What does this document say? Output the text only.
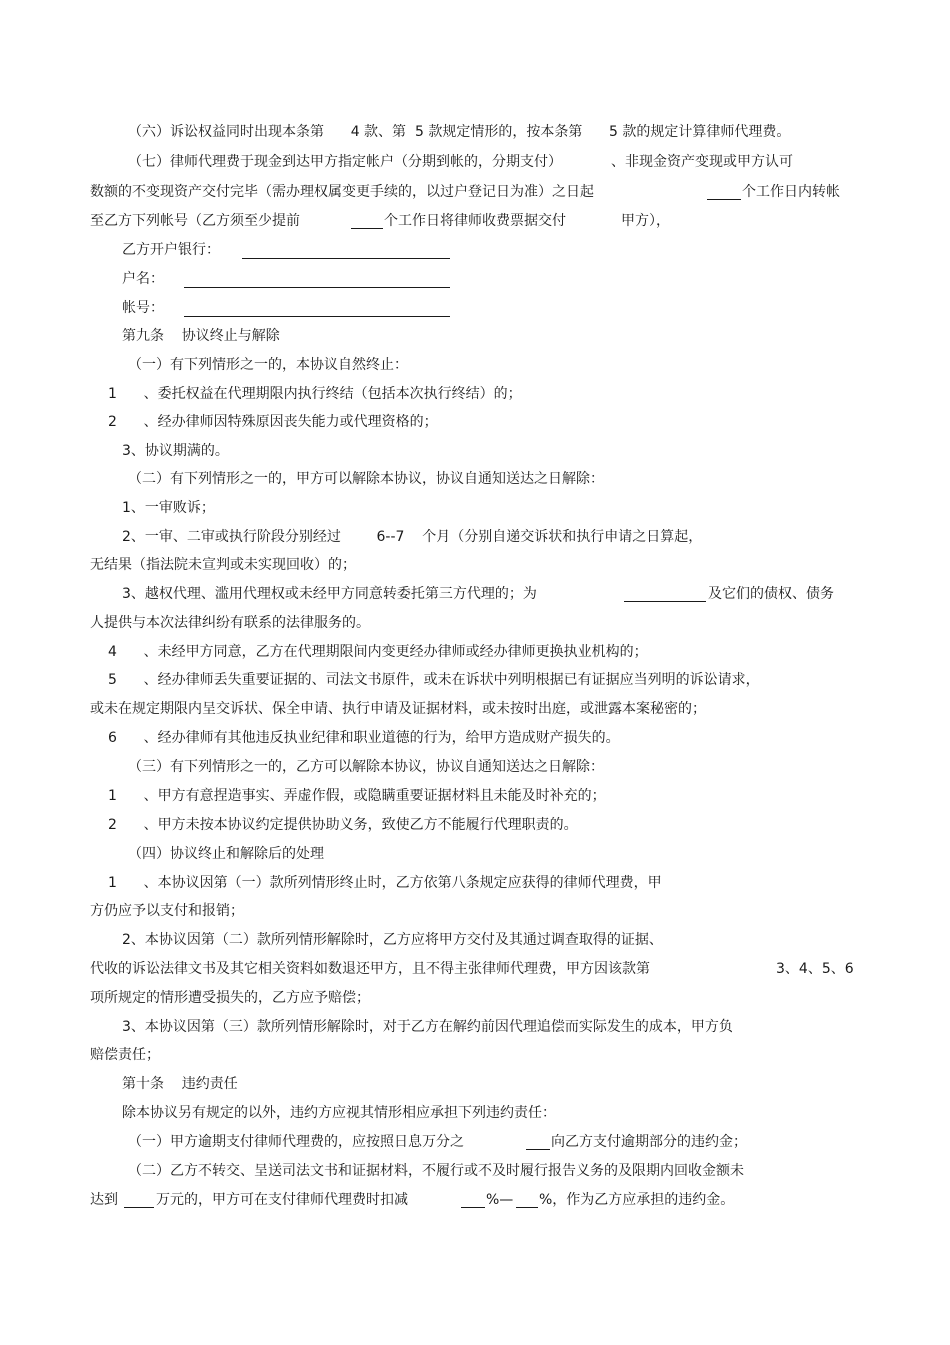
（六）诉讼权益同时出现本条第      4 款、第  5 款规定情形的，按本条第      5 款的规定计算律师代理费。
（七）律师代理费于现金到达甲方指定帐户（分期到帐的，分期支付）           、非现金资产变现或甲方认可
数额的不变现资产交付完毕（需办理权属变更手续的，以过户登记日为准）之日起	个工作日内转帐
至乙方下列帐号（乙方须至少提前	个工作日将律师收费票据交付	甲方），
乙方开户银行：
户名：
帐号：
第九条    协议终止与解除
（一）有下列情形之一的，本协议自然终止：
1      、委托权益在代理期限内执行终结（包括本次执行终结）的；
2      、经办律师因特殊原因丧失能力或代理资格的；
3、协议期满的。
（二）有下列情形之一的，甲方可以解除本协议，协议自通知送达之日解除：
1、一审败诉；
2、一审、二审或执行阶段分别经过        6--7    个月（分别自递交诉状和执行申请之日算起，
无结果（指法院未宣判或未实现回收）的；
3、越权代理、滥用代理权或未经甲方同意转委托第三方代理的；为	及它们的债权、债务
人提供与本次法律纠纷有联系的法律服务的。
4      、未经甲方同意，乙方在代理期限间内变更经办律师或经办律师更换执业机构的；
5      、经办律师丢失重要证据的、司法文书原件，或未在诉状中列明根据已有证据应当列明的诉讼请求，
或未在规定期限内呈交诉状、保全申请、执行申请及证据材料，或未按时出庭，或泄露本案秘密的；
6      、经办律师有其他违反执业纪律和职业道德的行为，给甲方造成财产损失的。
（三）有下列情形之一的，乙方可以解除本协议，协议自通知送达之日解除：
1      、甲方有意捏造事实、弄虚作假，或隐瞒重要证据材料且未能及时补充的；
2      、甲方未按本协议约定提供协助义务，致使乙方不能履行代理职责的。
（四）协议终止和解除后的处理
1      、本协议因第（一）款所列情形终止时，乙方依第八条规定应获得的律师代理费，甲
方仍应予以支付和报销；
2、本协议因第（二）款所列情形解除时，乙方应将甲方交付及其通过调查取得的证据、
代收的诉讼法律文书及其它相关资料如数退还甲方，且不得主张律师代理费，甲方因该款第	3、4、5、6
项所规定的情形遭受损失的，乙方应予赔偿；
3、本协议因第（三）款所列情形解除时，对于乙方在解约前因代理追偿而实际发生的成本，甲方负
赔偿责任；
第十条    违约责任
除本协议另有规定的以外，违约方应视其情形相应承担下列违约责任：
（一）甲方逾期支付律师代理费的，应按照日息万分之	向乙方支付逾期部分的违约金；
（二）乙方不转交、呈送司法文书和证据材料，不履行或不及时履行报告义务的及限期内回收金额未
达到	万元的，甲方可在支付律师代理费时扣减	%— %，作为乙方应承担的违约金。
